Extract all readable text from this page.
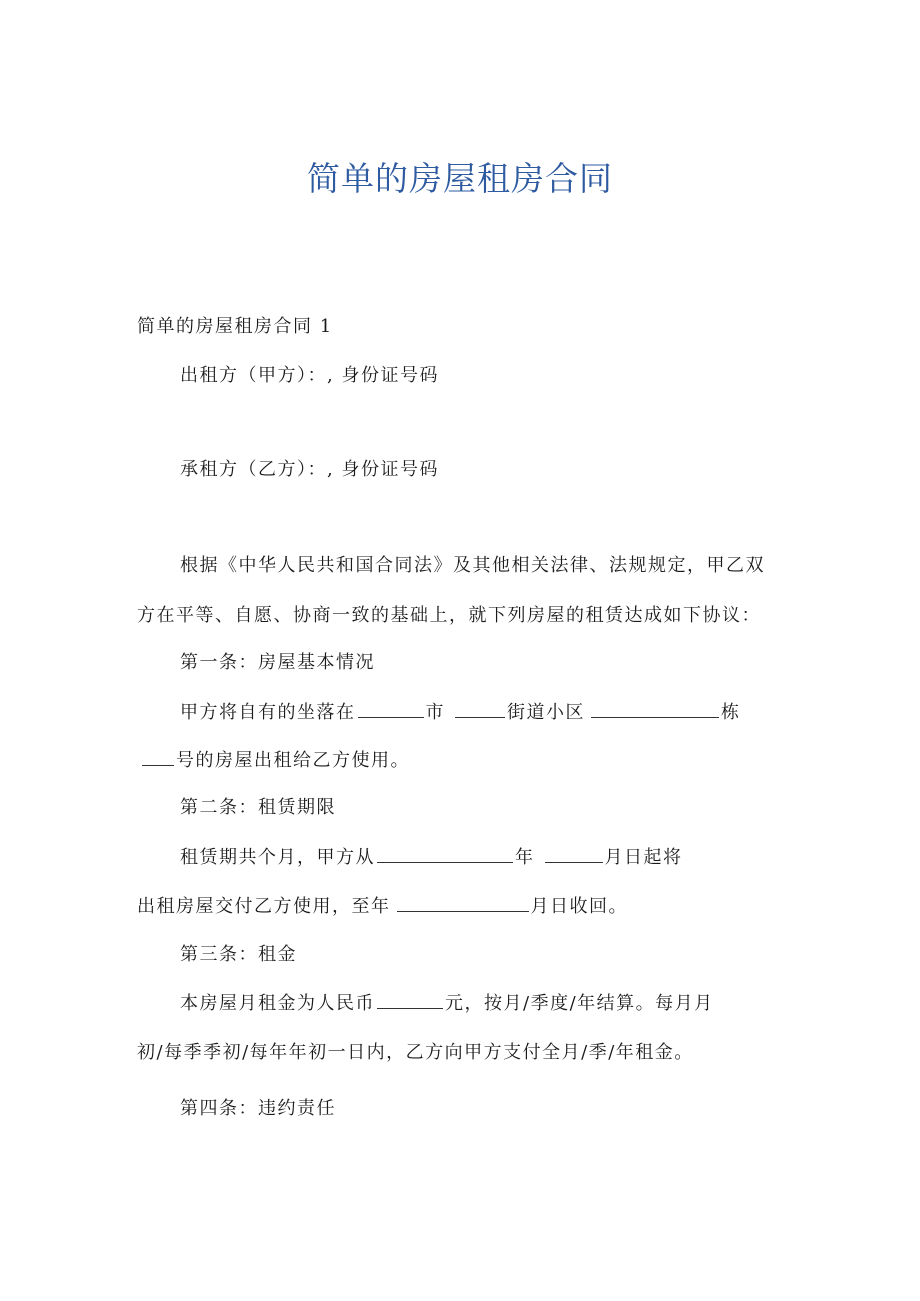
简单的房屋租房合同
简单的房屋租房合同 1
出租方（甲方）：, 身份证号码
承租方（乙方）：, 身份证号码
根据《中华人民共和国合同法》及其他相关法律、法规规定，甲乙双
方在平等、自愿、协商一致的基础上，就下列房屋的租赁达成如下协议：
第一条：房屋基本情况
甲方将自有的坐落在	市	街道小区	栋
号的房屋出租给乙方使用。
第二条：租赁期限
租赁期共个月，甲方从	年	月日起将
出租房屋交付乙方使用，至年	月日收回。
第三条：租金
本房屋月租金为人民币	元，按月/季度/年结算。每月月
初/每季季初/每年年初一日内，乙方向甲方支付全月/季/年租金。
第四条：违约责任
